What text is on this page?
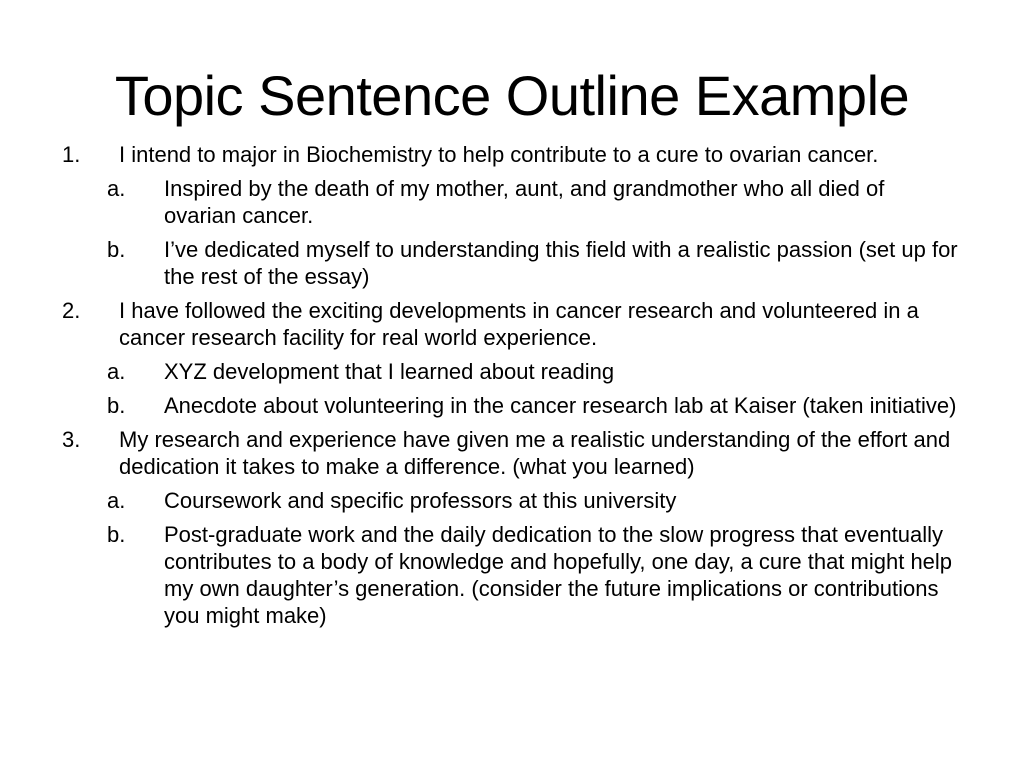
Topic Sentence Outline Example
1.	I intend to major in Biochemistry to help contribute to a cure to ovarian cancer.
a.	Inspired by the death of my mother, aunt, and grandmother who all died of ovarian cancer.
b.	I’ve dedicated myself to understanding this field with a realistic passion (set up for the rest of the essay)
2.	I have followed the exciting developments in cancer research and volunteered in a cancer research facility for real world experience.
a.	XYZ development that I learned about reading
b.	Anecdote about volunteering in the cancer research lab at Kaiser (taken initiative)
3.	My research and experience have given me a realistic understanding of the effort and dedication it takes to make a difference. (what you learned)
a.	Coursework and specific professors at this university
b.	Post-graduate work and the daily dedication to the slow progress that eventually contributes to a body of knowledge and hopefully, one day, a cure that might help my own daughter’s generation. (consider the future implications or contributions you might make)
